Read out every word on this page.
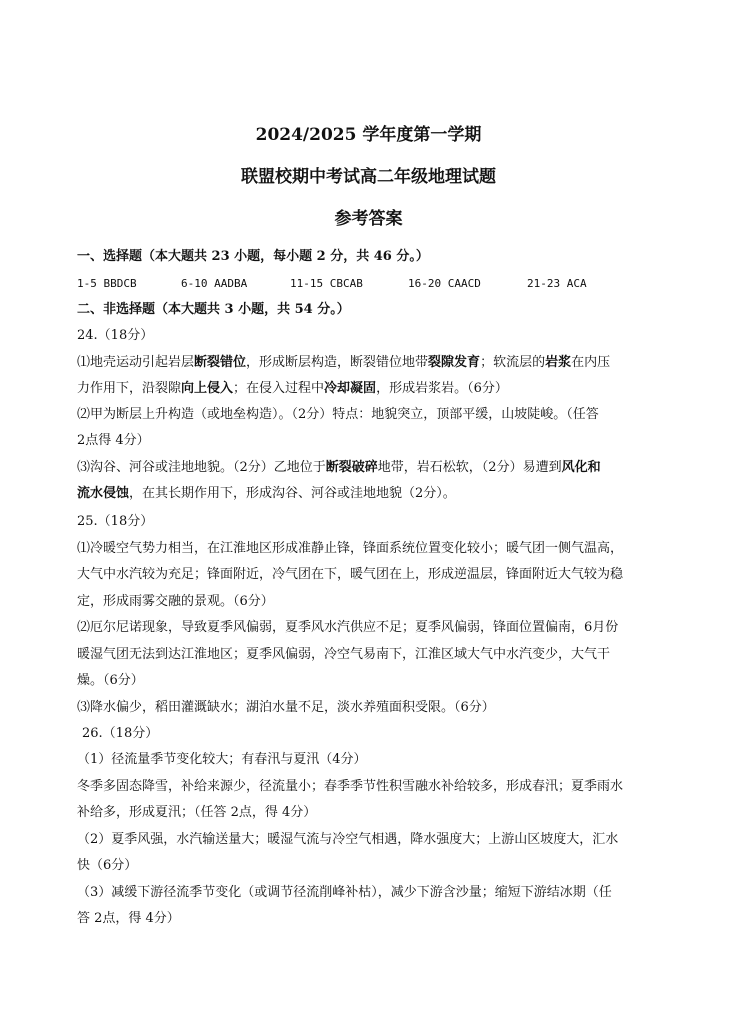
2024/2025 学年度第一学期
联盟校期中考试高二年级地理试题
参考答案
一、选择题（本大题共 23 小题，每小题 2 分，共 46 分。）
1-5 BBDCB	6-10 AADBA	11-15 CBCAB	16-20 CAACD	21-23 ACA
二、非选择题（本大题共 3 小题，共 54 分。）
24.（18分）
⑴地壳运动引起岩层断裂错位，形成断层构造，断裂错位地带裂隙发育；软流层的岩浆在内压
力作用下，沿裂隙向上侵入；在侵入过程中冷却凝固，形成岩浆岩。（6分）
⑵甲为断层上升构造（或地垒构造）。（2分）特点：地貌突立，顶部平缓，山坡陡峻。（任答
2点得 4分）
⑶沟谷、河谷或洼地地貌。（2分）乙地位于断裂破碎地带，岩石松软，（2分）易遭到风化和
流水侵蚀，在其长期作用下，形成沟谷、河谷或洼地地貌（2分）。
25.（18分）
⑴冷暖空气势力相当，在江淮地区形成准静止锋，锋面系统位置变化较小；暖气团一侧气温高，
大气中水汽较为充足；锋面附近，冷气团在下，暖气团在上，形成逆温层，锋面附近大气较为稳
定，形成雨雾交融的景观。（6分）
⑵厄尔尼诺现象，导致夏季风偏弱，夏季风水汽供应不足；夏季风偏弱，锋面位置偏南，6月份
暖湿气团无法到达江淮地区；夏季风偏弱，冷空气易南下，江淮区域大气中水汽变少，大气干
燥。（6分）
⑶降水偏少，稻田灌溉缺水；湖泊水量不足，淡水养殖面积受限。（6分）
26.（18分）
（1）径流量季节变化较大；有春汛与夏汛（4分）
冬季多固态降雪，补给来源少，径流量小；春季季节性积雪融水补给较多，形成春汛；夏季雨水
补给多，形成夏汛；（任答 2点，得 4分）
（2）夏季风强，水汽输送量大；暖湿气流与冷空气相遇，降水强度大；上游山区坡度大，汇水
快（6分）
（3）减缓下游径流季节变化（或调节径流削峰补枯），减少下游含沙量；缩短下游结冰期（任
答 2点，得 4分）
